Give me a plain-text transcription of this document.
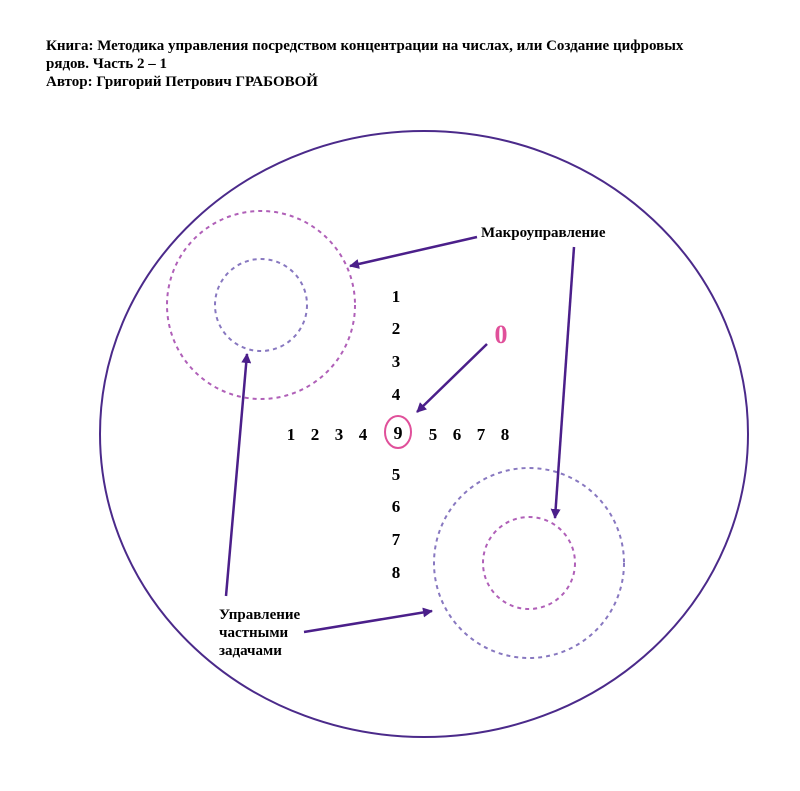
Книга: Методика управления посредством концентрации на числах, или Создание цифровых
рядов. Часть 2 – 1
Автор: Григорий Петрович ГРАБОВОЙ
1
2
3
4
1 2 3 4 9 5 6 7 8
5
6
7
8
0
Макроуправление
Управление
частными
задачами
